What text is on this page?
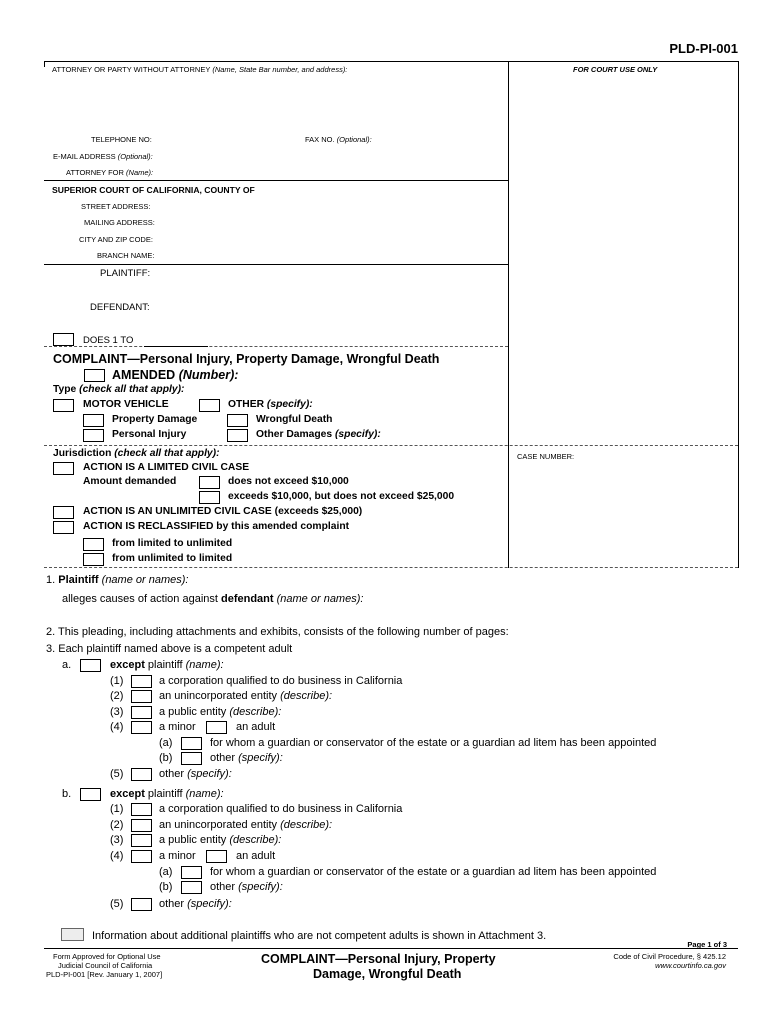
PLD-PI-001
ATTORNEY OR PARTY WITHOUT ATTORNEY (Name, State Bar number, and address):	FOR COURT USE ONLY
TELEPHONE NO:	FAX NO. (Optional):
E-MAIL ADDRESS (Optional):
ATTORNEY FOR (Name):
SUPERIOR COURT OF CALIFORNIA, COUNTY OF
STREET ADDRESS:
MAILING ADDRESS:
CITY AND ZIP CODE:
BRANCH NAME:
PLAINTIFF:
DEFENDANT:
DOES 1 TO
COMPLAINT—Personal Injury, Property Damage, Wrongful Death
AMENDED (Number):
Type (check all that apply):
MOTOR VEHICLE	OTHER (specify):
Property Damage	Wrongful Death
Personal Injury	Other Damages (specify):
Jurisdiction (check all that apply):	CASE NUMBER:
ACTION IS A LIMITED CIVIL CASE
Amount demanded	does not exceed $10,000
exceeds $10,000, but does not exceed $25,000
ACTION IS AN UNLIMITED CIVIL CASE (exceeds $25,000)
ACTION IS RECLASSIFIED by this amended complaint
from limited to unlimited
from unlimited to limited
1. Plaintiff (name or names):
alleges causes of action against defendant (name or names):
2. This pleading, including attachments and exhibits, consists of the following number of pages:
3. Each plaintiff named above is a competent adult
a.	except plaintiff (name):
(1)	a corporation qualified to do business in California
(2)	an unincorporated entity (describe):
(3)	a public entity (describe):
(4)	a minor	an adult
(a)	for whom a guardian or conservator of the estate or a guardian ad litem has been appointed
(b)	other (specify):
(5)	other (specify):
b.	except plaintiff (name):
(1)	a corporation qualified to do business in California
(2)	an unincorporated entity (describe):
(3)	a public entity (describe):
(4)	a minor	an adult
(a)	for whom a guardian or conservator of the estate or a guardian ad litem has been appointed
(b)	other (specify):
(5)	other (specify):
Information about additional plaintiffs who are not competent adults is shown in Attachment 3.
Page 1 of 3
Form Approved for Optional Use
Judicial Council of California
PLD-PI-001 [Rev. January 1, 2007]
COMPLAINT—Personal Injury, Property
Damage, Wrongful Death
Code of Civil Procedure, § 425.12
www.courtinfo.ca.gov
